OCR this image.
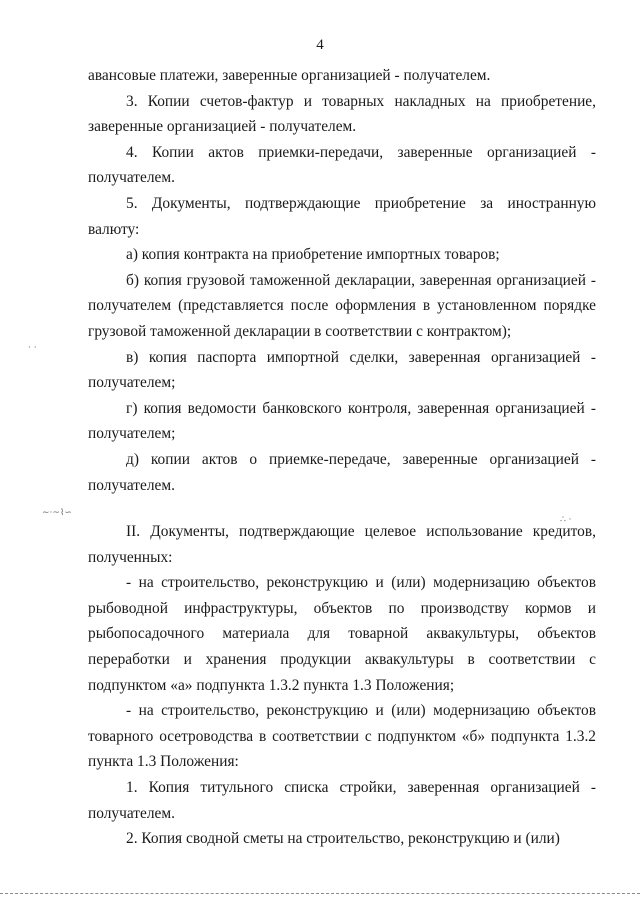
4

авансовые платежи, заверенные организацией - получателем.

3. Копии счетов-фактур и товарных накладных на приобретение, заверенные организацией - получателем.

4. Копии актов приемки-передачи, заверенные организацией - получателем.

5. Документы, подтверждающие приобретение за иностранную валюту:

а) копия контракта на приобретение импортных товаров;

б) копия грузовой таможенной декларации, заверенная организацией - получателем (представляется после оформления в установленном порядке грузовой таможенной декларации в соответствии с контрактом);

в) копия паспорта импортной сделки, заверенная организацией - получателем;

г) копия ведомости банковского контроля, заверенная организацией - получателем;

д) копии актов о приемке-передаче, заверенные организацией - получателем.

II. Документы, подтверждающие целевое использование кредитов, полученных:

- на строительство, реконструкцию и (или) модернизацию объектов рыбоводной инфраструктуры, объектов по производству кормов и рыбопосадочного материала для товарной аквакультуры, объектов переработки и хранения продукции аквакультуры в соответствии с подпунктом «а» подпункта 1.3.2 пункта 1.3 Положения;

- на строительство, реконструкцию и (или) модернизацию объектов товарного осетроводства в соответствии с подпунктом «б» подпункта 1.3.2 пункта 1.3 Положения:

1. Копия титульного списка стройки, заверенная организацией - получателем.

2. Копия сводной сметы на строительство, реконструкцию и (или)

∼·~⌇∽
· ·
∴ ·
